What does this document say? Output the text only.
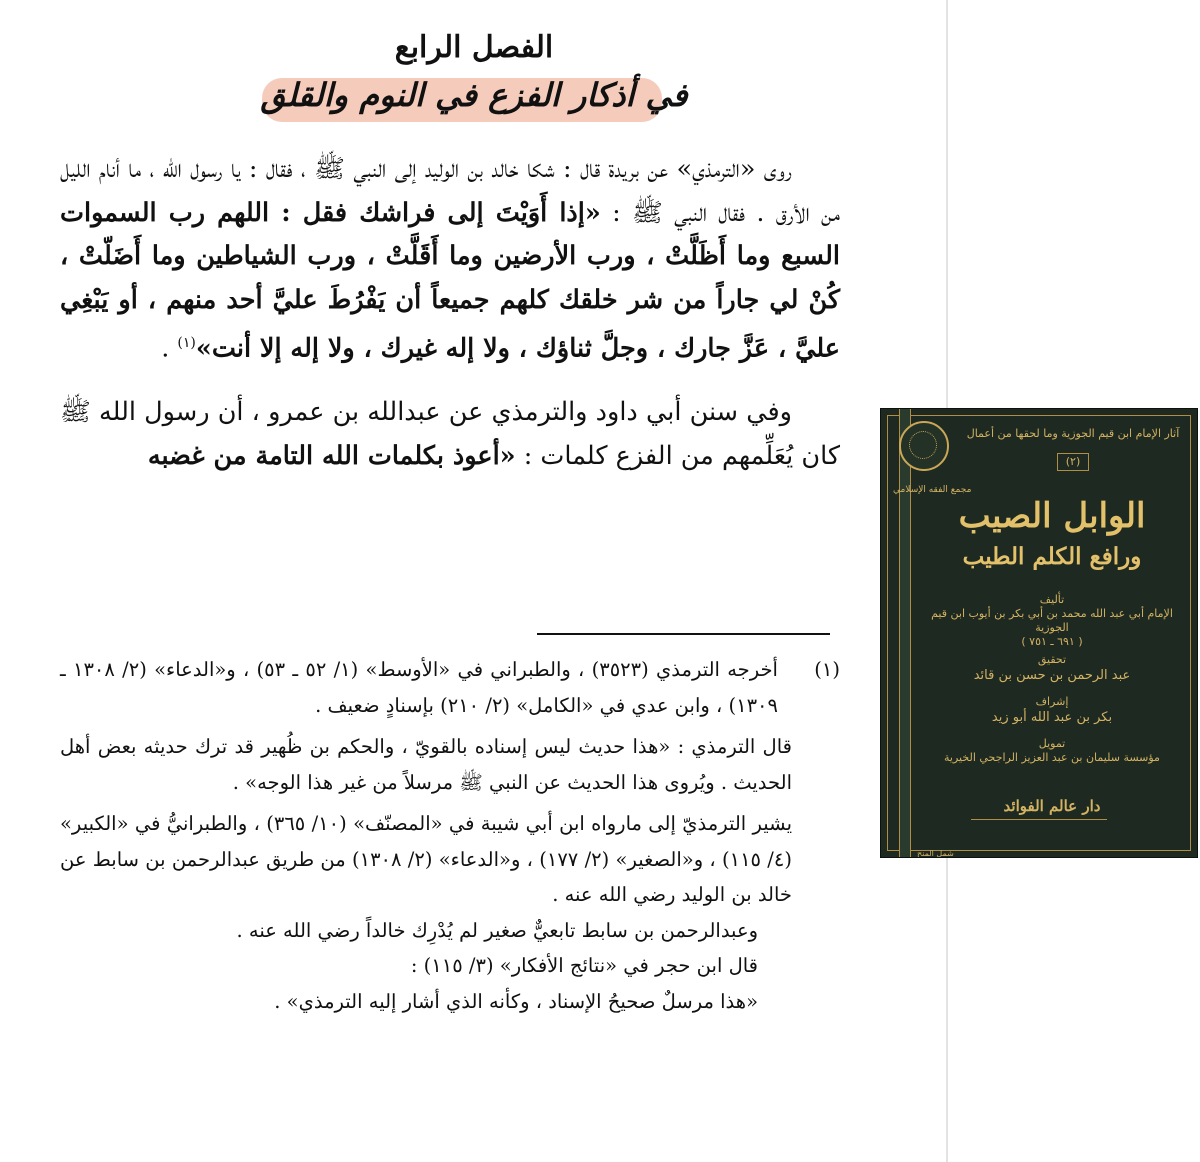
الفصل الرابع
في أذكار الفزع في النوم والقلق

روى «الترمذي» عن بريدة قال : شكا خالد بن الوليد إلى النبي ﷺ ، فقال : يا رسول الله ، ما أنام الليل من الأرق . فقال النبي ﷺ : «إذا أَوَيْتَ إلى فراشك فقل : اللهم رب السموات السبع وما أَظَلَّتْ ، ورب الأرضين وما أَقَلَّتْ ، ورب الشياطين وما أَضَلّتْ ، كُنْ لي جاراً من شر خلقك كلهم جميعاً أن يَفْرُطَ عليَّ أحد منهم ، أو يَبْغِي عليَّ ، عَزَّ جارك ، وجلَّ ثناؤك ، ولا إله غيرك ، ولا إله إلا أنت»$^{(١)}$ .

وفي سنن أبي داود والترمذي عن عبدالله بن عمرو ، أن رسول الله ﷺ كان يُعَلِّمهم من الفزع كلمات : «أعوذ بكلمات الله التامة من غضبه

(١)
أخرجه الترمذي (٣٥٢٣) ، والطبراني في «الأوسط» (١/ ٥٢ ـ ٥٣) ، و«الدعاء» (٢/ ١٣٠٨ ـ ١٣٠٩) ، وابن عدي في «الكامل» (٢/ ٢١٠) بإسنادٍ ضعيف .

قال الترمذي : «هذا حديث ليس إسناده بالقويّ ، والحكم بن ظُهير قد ترك حديثه بعض أهل الحديث . ويُروى هذا الحديث عن النبي ﷺ مرسلاً من غير هذا الوجه» .

يشير الترمذيّ إلى مارواه ابن أبي شيبة في «المصنّف» (١٠/ ٣٦٥) ، والطبرانيُّ في «الكبير» (٤/ ١١٥) ، و«الصغير» (٢/ ١٧٧) ، و«الدعاء» (٢/ ١٣٠٨) من طريق عبدالرحمن بن سابط عن خالد بن الوليد رضي الله عنه .

وعبدالرحمن بن سابط تابعيٌّ صغير لم يُدْرِك خالداً رضي الله عنه .

قال ابن حجر في «نتائج الأفكار» (٣/ ١١٥) :

«هذا مرسلٌ صحيحُ الإسناد ، وكأنه الذي أشار إليه الترمذي» .

آثار الإمام ابن قيم الجوزية وما لحقها من أعمال
(٢)
مجمع الفقه الإسلامي
الوابل الصيب
ورافع الكلم الطيب
تأليف
الإمام أبي عبد الله محمد بن أبي بكر بن أيوب ابن قيم الجوزية
( ٦٩١ ـ ٧٥١ )
تحقيق
عبد الرحمن بن حسن بن قائد
إشراف
بكر بن عبد الله أبو زيد
تمويل
مؤسسة سليمان بن عبد العزيز الراجحي الخيرية
دار عالم الفوائد
شمل المنح
